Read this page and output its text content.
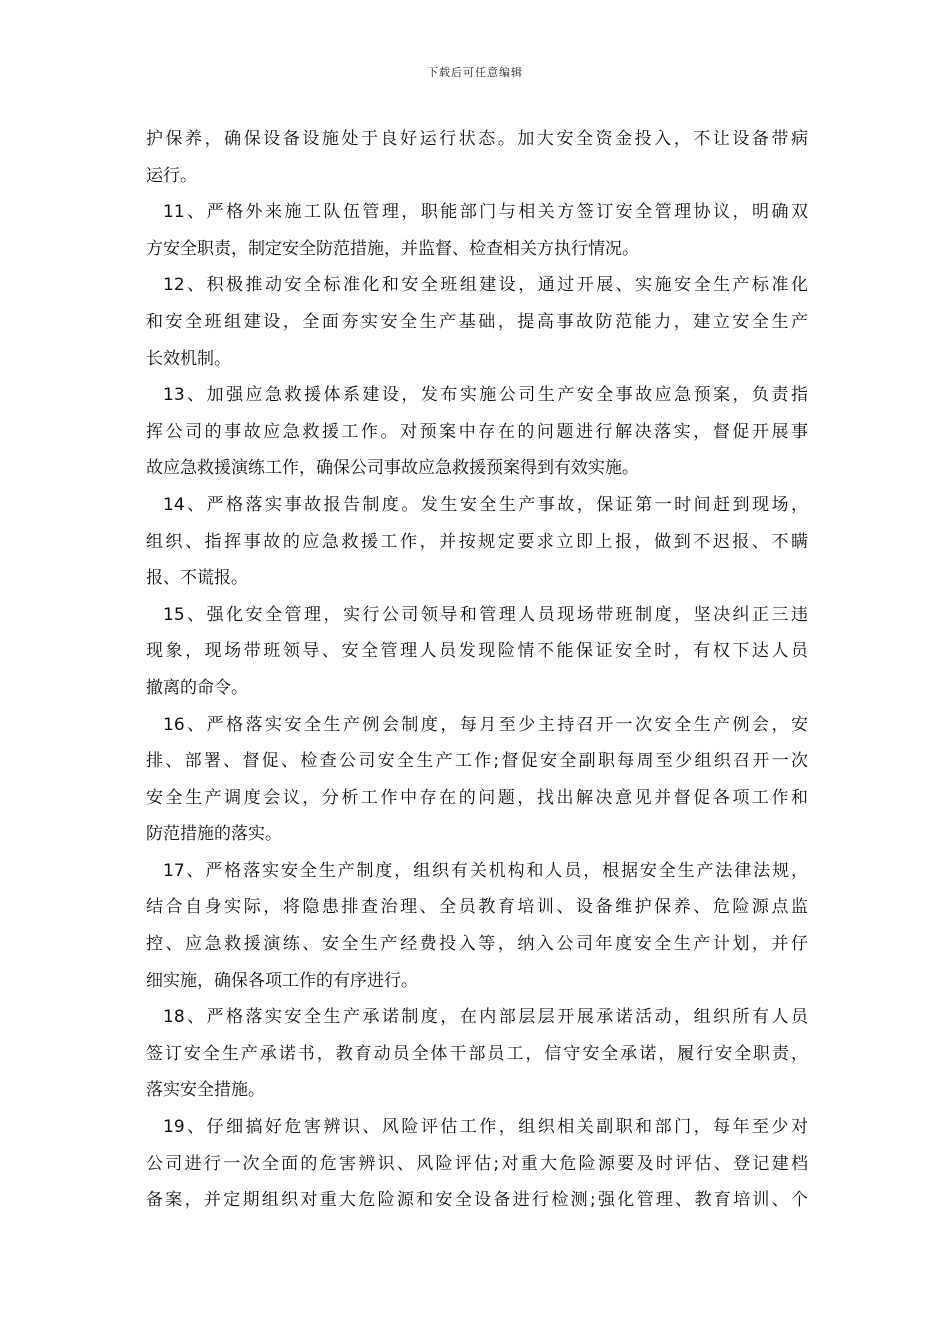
下载后可任意编辑
护保养，确保设备设施处于良好运行状态。加大安全资金投入，不让设备带病
运行。
11、严格外来施工队伍管理，职能部门与相关方签订安全管理协议，明确双
方安全职责，制定安全防范措施，并监督、检查相关方执行情况。
12、积极推动安全标准化和安全班组建设，通过开展、实施安全生产标准化
和安全班组建设，全面夯实安全生产基础，提高事故防范能力，建立安全生产
长效机制。
13、加强应急救援体系建设，发布实施公司生产安全事故应急预案，负责指
挥公司的事故应急救援工作。对预案中存在的问题进行解决落实，督促开展事
故应急救援演练工作，确保公司事故应急救援预案得到有效实施。
14、严格落实事故报告制度。发生安全生产事故，保证第一时间赶到现场，
组织、指挥事故的应急救援工作，并按规定要求立即上报，做到不迟报、不瞒
报、不谎报。
15、强化安全管理，实行公司领导和管理人员现场带班制度，坚决纠正三违
现象，现场带班领导、安全管理人员发现险情不能保证安全时，有权下达人员
撤离的命令。
16、严格落实安全生产例会制度，每月至少主持召开一次安全生产例会，安
排、部署、督促、检查公司安全生产工作;督促安全副职每周至少组织召开一次
安全生产调度会议，分析工作中存在的问题，找出解决意见并督促各项工作和
防范措施的落实。
17、严格落实安全生产制度，组织有关机构和人员，根据安全生产法律法规，
结合自身实际，将隐患排查治理、全员教育培训、设备维护保养、危险源点监
控、应急救援演练、安全生产经费投入等，纳入公司年度安全生产计划，并仔
细实施，确保各项工作的有序进行。
18、严格落实安全生产承诺制度，在内部层层开展承诺活动，组织所有人员
签订安全生产承诺书，教育动员全体干部员工，信守安全承诺，履行安全职责，
落实安全措施。
19、仔细搞好危害辨识、风险评估工作，组织相关副职和部门，每年至少对
公司进行一次全面的危害辨识、风险评估;对重大危险源要及时评估、登记建档
备案，并定期组织对重大危险源和安全设备进行检测;强化管理、教育培训、个
